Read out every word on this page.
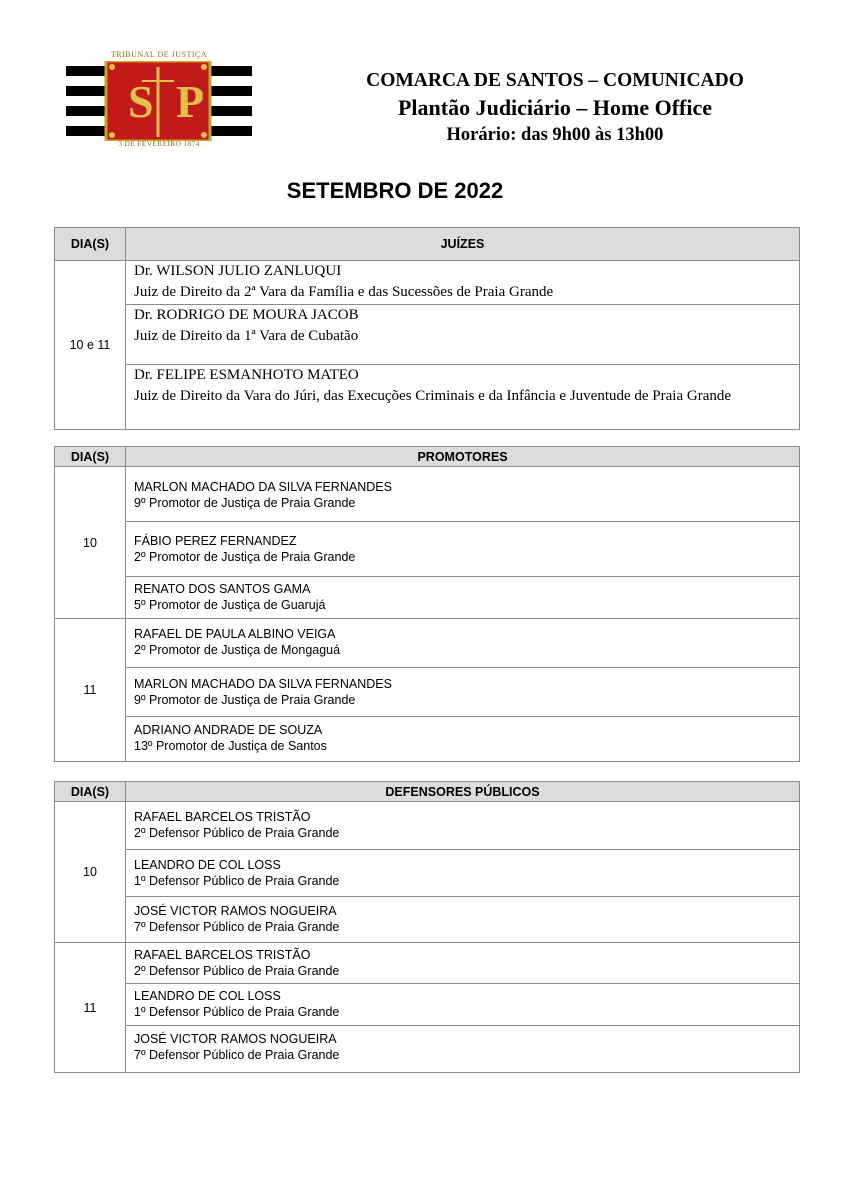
TRIBUNAL DE JUSTIÇA
S P
3 DE FEVEREIRO 1874
COMARCA DE SANTOS – COMUNICADO
Plantão Judiciário – Home Office
Horário: das 9h00 às 13h00
SETEMBRO DE 2022
DIA(S)	JUÍZES
10 e 11	Dr. WILSON JULIO ZANLUQUI
Juiz de Direito da 2ª Vara da Família e das Sucessões de Praia Grande

	Dr. RODRIGO DE MOURA JACOB
Juiz de Direito da 1ª Vara de Cubatão

	Dr. FELIPE ESMANHOTO MATEO
Juiz de Direito da Vara do Júri, das Execuções Criminais e da Infância e Juventude de Praia Grande
DIA(S)	PROMOTORES
10	MARLON MACHADO DA SILVA FERNANDES
9º Promotor de Justiça de Praia Grande

	FÁBIO PEREZ FERNANDEZ
2º Promotor de Justiça de Praia Grande

	RENATO DOS SANTOS GAMA
5º Promotor de Justiça de Guarujá

11	RAFAEL DE PAULA ALBINO VEIGA
2º Promotor de Justiça de Mongaguá

	MARLON MACHADO DA SILVA FERNANDES
9º Promotor de Justiça de Praia Grande

	ADRIANO ANDRADE DE SOUZA
13º Promotor de Justiça de Santos
DIA(S)	DEFENSORES PÚBLICOS
10	RAFAEL BARCELOS TRISTÃO
2º Defensor Público de Praia Grande

	LEANDRO DE COL LOSS
1º Defensor Público de Praia Grande

	JOSÉ VICTOR RAMOS NOGUEIRA
7º Defensor Público de Praia Grande

11	RAFAEL BARCELOS TRISTÃO
2º Defensor Público de Praia Grande

	LEANDRO DE COL LOSS
1º Defensor Público de Praia Grande

	JOSÉ VICTOR RAMOS NOGUEIRA
7º Defensor Público de Praia Grande
